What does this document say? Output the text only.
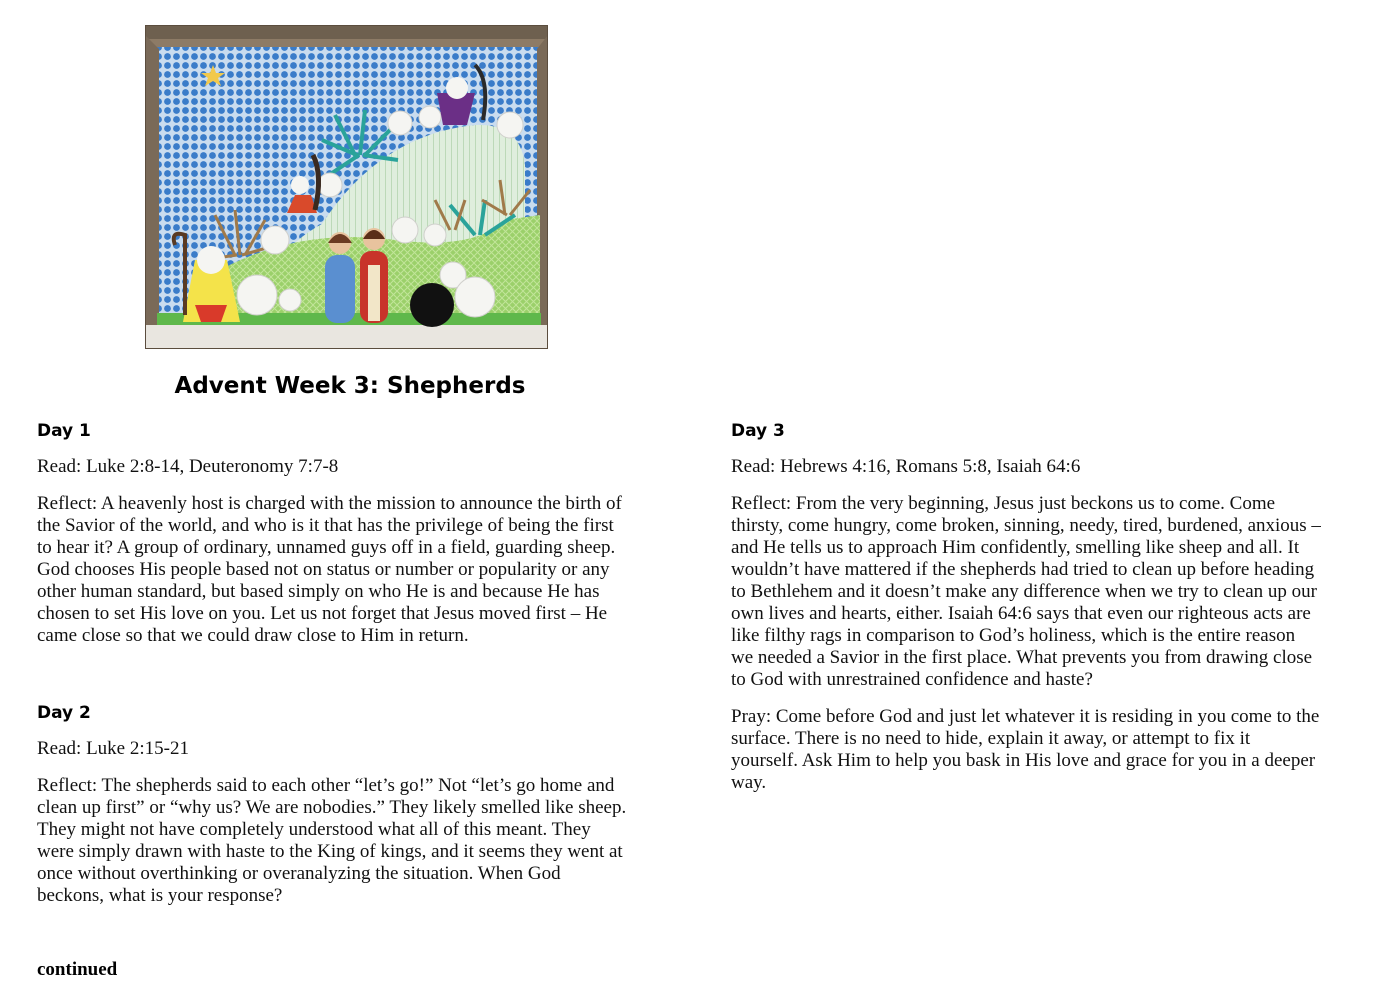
Advent Week 3: Shepherds
Day 1
Read: Luke 2:8-14, Deuteronomy 7:7-8
Reflect: A heavenly host is charged with the mission to announce the birth of
the Savior of the world, and who is it that has the privilege of being the first
to hear it? A group of ordinary, unnamed guys off in a field, guarding sheep.
God chooses His people based not on status or number or popularity or any
other human standard, but based simply on who He is and because He has
chosen to set His love on you. Let us not forget that Jesus moved first – He
came close so that we could draw close to Him in return.
Day 2
Read: Luke 2:15-21
Reflect: The shepherds said to each other “let’s go!” Not “let’s go home and
clean up first” or “why us? We are nobodies.” They likely smelled like sheep.
They might not have completely understood what all of this meant. They
were simply drawn with haste to the King of kings, and it seems they went at
once without overthinking or overanalyzing the situation. When God
beckons, what is your response?
Day 3
Read: Hebrews 4:16, Romans 5:8, Isaiah 64:6
Reflect: From the very beginning, Jesus just beckons us to come. Come
thirsty, come hungry, come broken, sinning, needy, tired, burdened, anxious –
and He tells us to approach Him confidently, smelling like sheep and all. It
wouldn’t have mattered if the shepherds had tried to clean up before heading
to Bethlehem and it doesn’t make any difference when we try to clean up our
own lives and hearts, either. Isaiah 64:6 says that even our righteous acts are
like filthy rags in comparison to God’s holiness, which is the entire reason
we needed a Savior in the first place. What prevents you from drawing close
to God with unrestrained confidence and haste?
Pray: Come before God and just let whatever it is residing in you come to the
surface. There is no need to hide, explain it away, or attempt to fix it
yourself. Ask Him to help you bask in His love and grace for you in a deeper
way.
continued
